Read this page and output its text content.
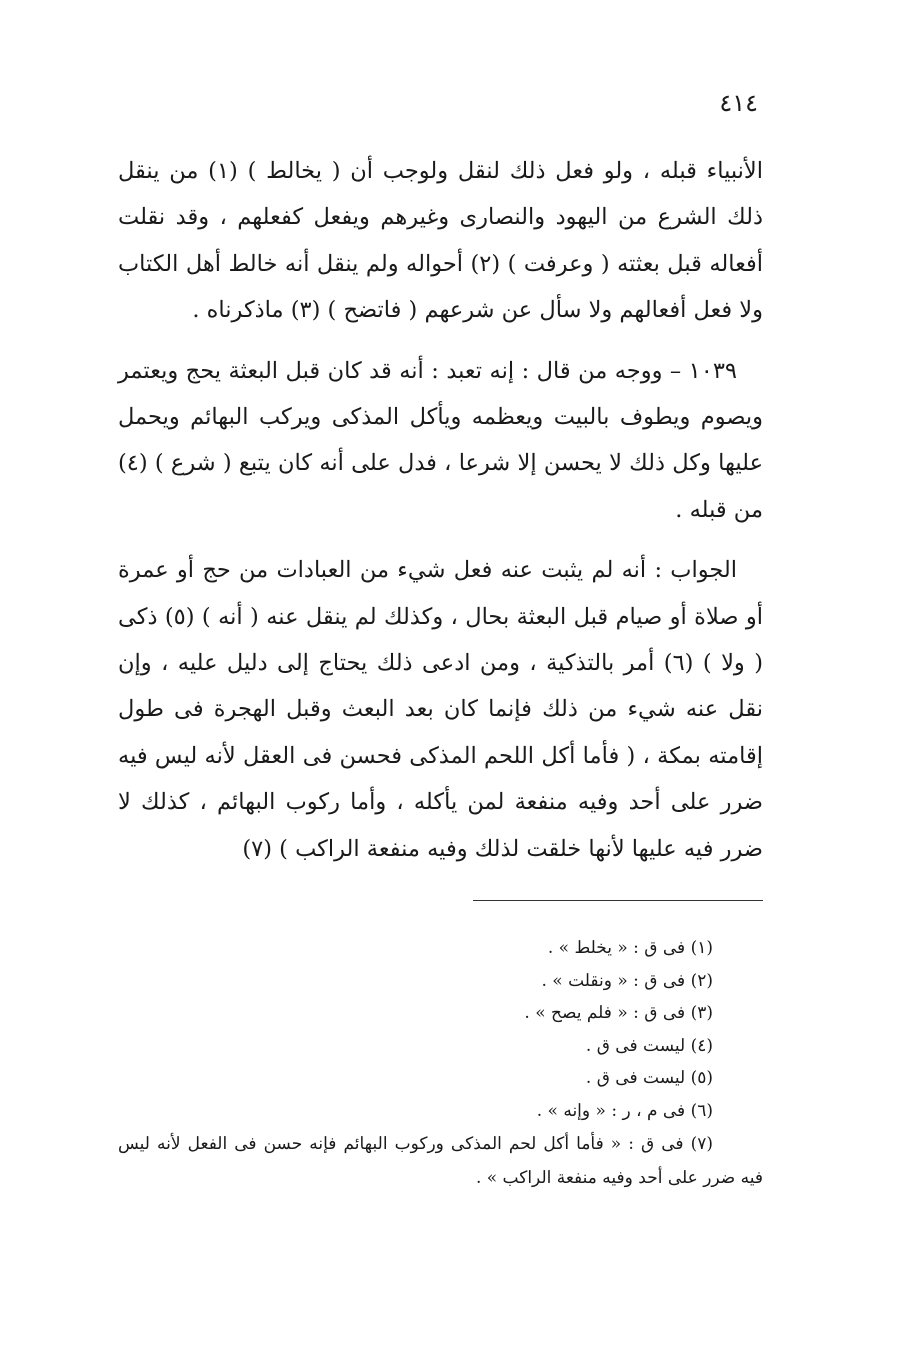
٤١٤

الأنبياء قبله ، ولو فعل ذلك لنقل ولوجب أن ( يخالط ) (١) من ينقل ذلك الشرع من اليهود والنصارى وغيرهم ويفعل كفعلهم ، وقد نقلت أفعاله قبل بعثته ( وعرفت ) (٢) أحواله ولم ينقل أنه خالط أهل الكتاب ولا فعل أفعالهم ولا سأل عن شرعهم ( فاتضح ) (٣) ماذكرناه .

١٠٣٩ – ووجه من قال : إنه تعبد : أنه قد كان قبل البعثة يحج ويعتمر ويصوم ويطوف بالبيت ويعظمه ويأكل المذكى ويركب البهائم ويحمل عليها وكل ذلك لا يحسن إلا شرعا ، فدل على أنه كان يتبع ( شرع ) (٤) من قبله .

الجواب : أنه لم يثبت عنه فعل شيء من العبادات من حج أو عمرة أو صلاة أو صيام قبل البعثة بحال ، وكذلك لم ينقل عنه ( أنه ) (٥) ذكى ( ولا ) (٦) أمر بالتذكية ، ومن ادعى ذلك يحتاج إلى دليل عليه ، وإن نقل عنه شيء من ذلك فإنما كان بعد البعث وقبل الهجرة فى طول إقامته بمكة ، ( فأما أكل اللحم المذكى فحسن فى العقل لأنه ليس فيه ضرر على أحد وفيه منفعة لمن يأكله ، وأما ركوب البهائم ، كذلك لا ضرر فيه عليها لأنها خلقت لذلك وفيه منفعة الراكب ) (٧)

(١) فى ق : « يخلط » .

(٢) فى ق : « ونقلت » .

(٣) فى ق : « فلم يصح » .

(٤) ليست فى ق .

(٥) ليست فى ق .

(٦) فى م ، ر : « وإنه » .

(٧) فى ق : « فأما أكل لحم المذكى وركوب البهائم فإنه حسن فى الفعل لأنه ليس فيه ضرر على أحد وفيه منفعة الراكب » .
